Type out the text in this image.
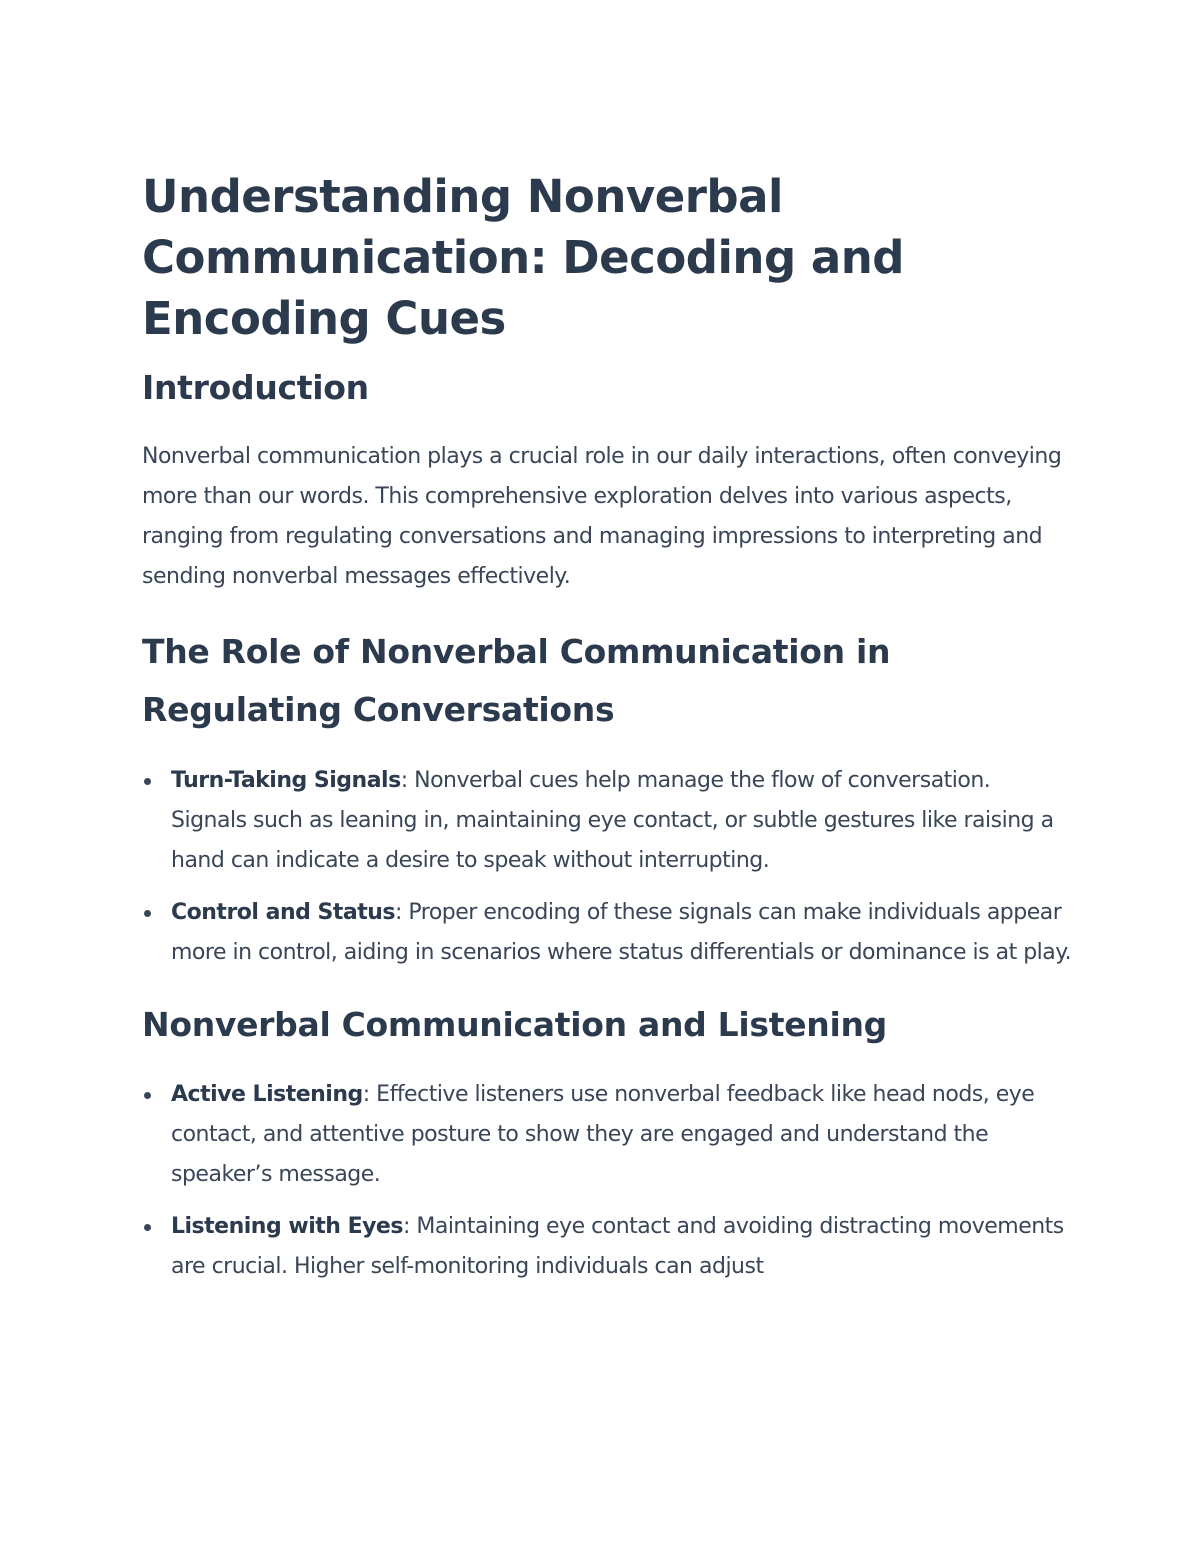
Understanding Nonverbal Communication: Decoding and Encoding Cues
Introduction

Nonverbal communication plays a crucial role in our daily interactions, often conveying more than our words. This comprehensive exploration delves into various aspects, ranging from regulating conversations and managing impressions to interpreting and sending nonverbal messages effectively.

The Role of Nonverbal Communication in Regulating Conversations
Turn-Taking Signals: Nonverbal cues help manage the flow of conversation. Signals such as leaning in, maintaining eye contact, or subtle gestures like raising a hand can indicate a desire to speak without interrupting.
Control and Status: Proper encoding of these signals can make individuals appear more in control, aiding in scenarios where status differentials or dominance is at play.
Nonverbal Communication and Listening
Active Listening: Effective listeners use nonverbal feedback like head nods, eye contact, and attentive posture to show they are engaged and understand the speaker’s message.
Listening with Eyes: Maintaining eye contact and avoiding distracting movements are crucial. Higher self-monitoring individuals can adjust
